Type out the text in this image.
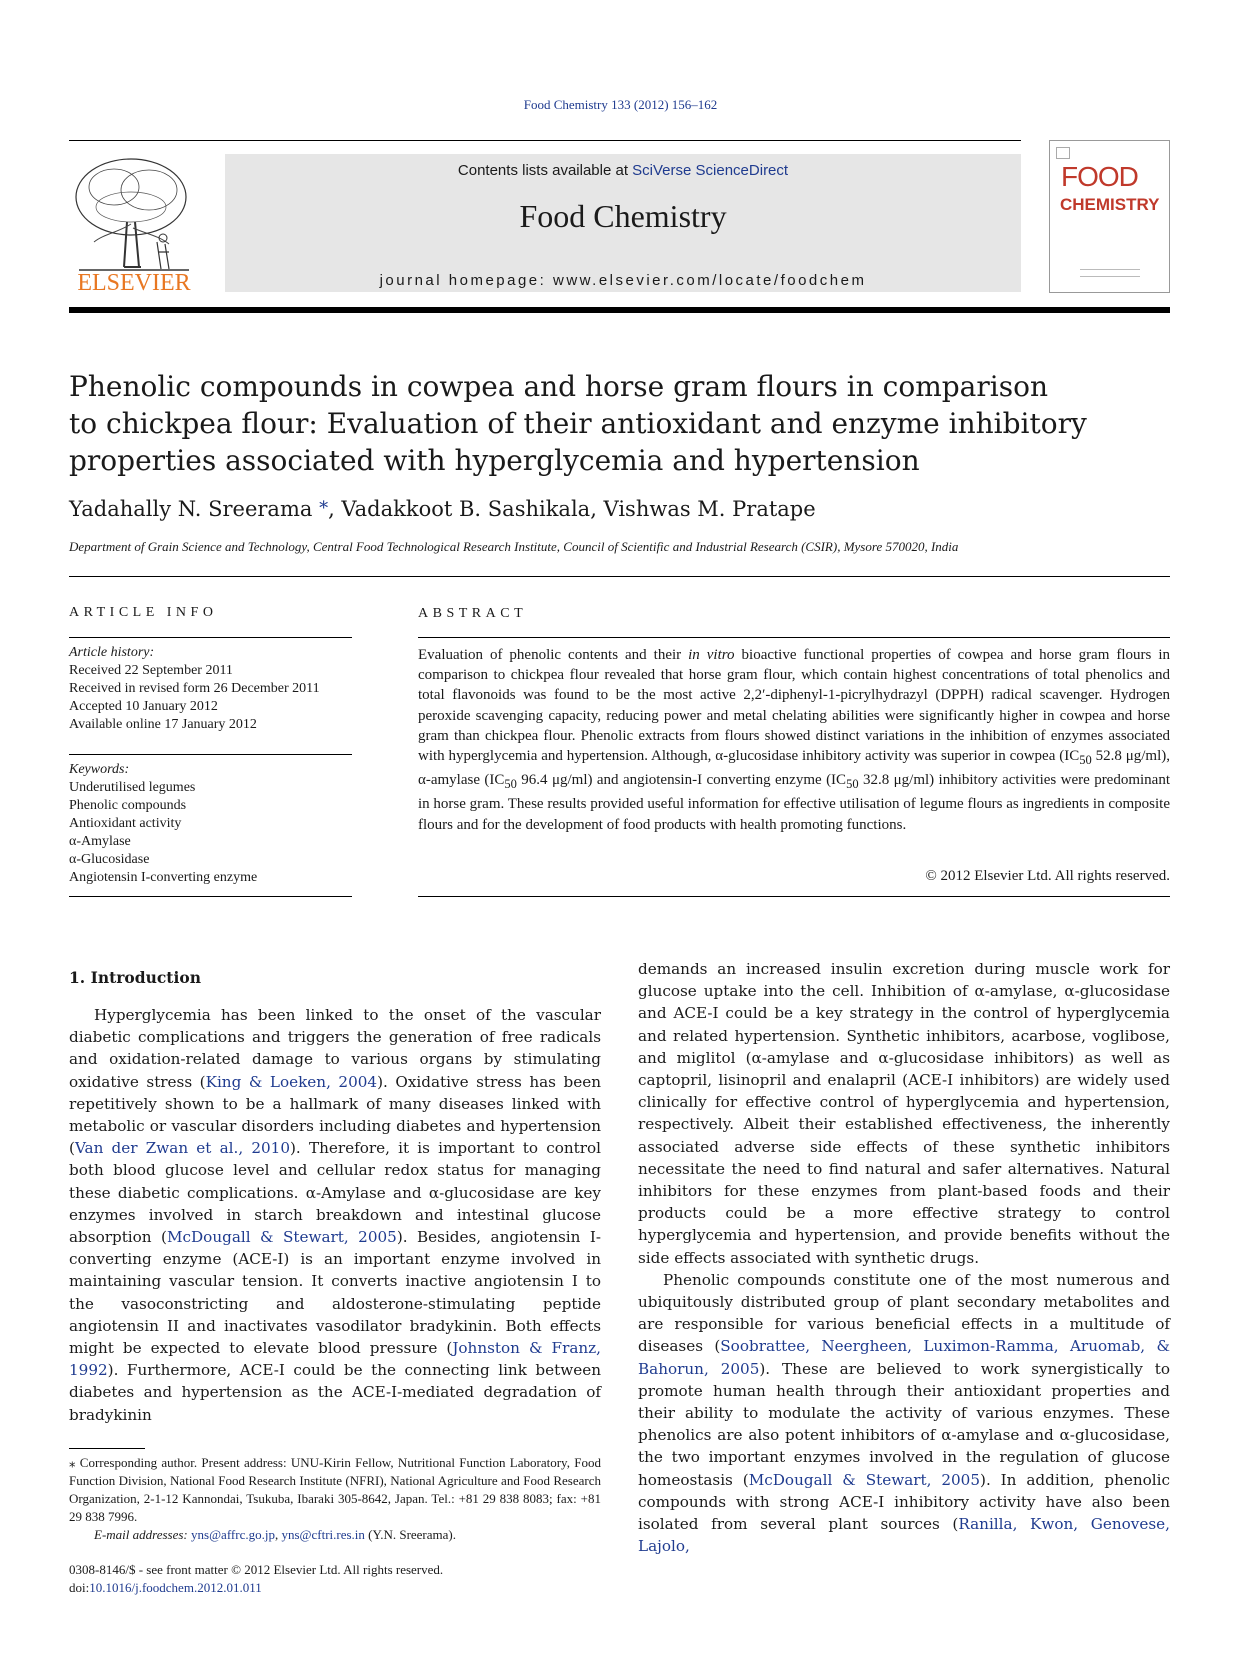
Food Chemistry 133 (2012) 156–162
ELSEVIER
Contents lists available at SciVerse ScienceDirect
Food Chemistry
journal homepage: www.elsevier.com/locate/foodchem
FOOD
CHEMISTRY
Phenolic compounds in cowpea and horse gram flours in comparison
to chickpea flour: Evaluation of their antioxidant and enzyme inhibitory
properties associated with hyperglycemia and hypertension
Yadahally N. Sreerama ⁎, Vadakkoot B. Sashikala, Vishwas M. Pratape
Department of Grain Science and Technology, Central Food Technological Research Institute, Council of Scientific and Industrial Research (CSIR), Mysore 570020, India
ARTICLE INFO
Article history:
Received 22 September 2011
Received in revised form 26 December 2011
Accepted 10 January 2012
Available online 17 January 2012
Keywords:
Underutilised legumes
Phenolic compounds
Antioxidant activity
α-Amylase
α-Glucosidase
Angiotensin I-converting enzyme
ABSTRACT
Evaluation of phenolic contents and their in vitro bioactive functional properties of cowpea and horse gram flours in comparison to chickpea flour revealed that horse gram flour, which contain highest concentrations of total phenolics and total flavonoids was found to be the most active 2,2′-diphenyl-1-picrylhydrazyl (DPPH) radical scavenger. Hydrogen peroxide scavenging capacity, reducing power and metal chelating abilities were significantly higher in cowpea and horse gram than chickpea flour. Phenolic extracts from flours showed distinct variations in the inhibition of enzymes associated with hyperglycemia and hypertension. Although, α-glucosidase inhibitory activity was superior in cowpea ($IC_{50}$ 52.8 μg/ml), α-amylase ($IC_{50}$ 96.4 μg/ml) and angiotensin-I converting enzyme ($IC_{50}$ 32.8 μg/ml) inhibitory activities were predominant in horse gram. These results provided useful information for effective utilisation of legume flours as ingredients in composite flours and for the development of food products with health promoting functions.
© 2012 Elsevier Ltd. All rights reserved.
1. Introduction

Hyperglycemia has been linked to the onset of the vascular diabetic complications and triggers the generation of free radicals and oxidation-related damage to various organs by stimulating oxidative stress (King & Loeken, 2004). Oxidative stress has been repetitively shown to be a hallmark of many diseases linked with metabolic or vascular disorders including diabetes and hypertension (Van der Zwan et al., 2010). Therefore, it is important to control both blood glucose level and cellular redox status for managing these diabetic complications. α-Amylase and α-glucosidase are key enzymes involved in starch breakdown and intestinal glucose absorption (McDougall & Stewart, 2005). Besides, angiotensin I-converting enzyme (ACE-I) is an important enzyme involved in maintaining vascular tension. It converts inactive angiotensin I to the vasoconstricting and aldosterone-stimulating peptide angiotensin II and inactivates vasodilator bradykinin. Both effects might be expected to elevate blood pressure (Johnston & Franz, 1992). Furthermore, ACE-I could be the connecting link between diabetes and hypertension as the ACE-I-mediated degradation of bradykinin

demands an increased insulin excretion during muscle work for glucose uptake into the cell. Inhibition of α-amylase, α-glucosidase and ACE-I could be a key strategy in the control of hyperglycemia and related hypertension. Synthetic inhibitors, acarbose, voglibose, and miglitol (α-amylase and α-glucosidase inhibitors) as well as captopril, lisinopril and enalapril (ACE-I inhibitors) are widely used clinically for effective control of hyperglycemia and hypertension, respectively. Albeit their established effectiveness, the inherently associated adverse side effects of these synthetic inhibitors necessitate the need to find natural and safer alternatives. Natural inhibitors for these enzymes from plant-based foods and their products could be a more effective strategy to control hyperglycemia and hypertension, and provide benefits without the side effects associated with synthetic drugs.

Phenolic compounds constitute one of the most numerous and ubiquitously distributed group of plant secondary metabolites and are responsible for various beneficial effects in a multitude of diseases (Soobrattee, Neergheen, Luximon-Ramma, Aruomab, & Bahorun, 2005). These are believed to work synergistically to promote human health through their antioxidant properties and their ability to modulate the activity of various enzymes. These phenolics are also potent inhibitors of α-amylase and α-glucosidase, the two important enzymes involved in the regulation of glucose homeostasis (McDougall & Stewart, 2005). In addition, phenolic compounds with strong ACE-I inhibitory activity have also been isolated from several plant sources (Ranilla, Kwon, Genovese, Lajolo,

⁎ Corresponding author. Present address: UNU-Kirin Fellow, Nutritional Function Laboratory, Food Function Division, National Food Research Institute (NFRI), National Agriculture and Food Research Organization, 2-1-12 Kannondai, Tsukuba, Ibaraki 305-8642, Japan. Tel.: +81 29 838 8083; fax: +81 29 838 7996.
E-mail addresses: yns@affrc.go.jp, yns@cftri.res.in (Y.N. Sreerama).
0308-8146/$ - see front matter © 2012 Elsevier Ltd. All rights reserved.
doi:10.1016/j.foodchem.2012.01.011
